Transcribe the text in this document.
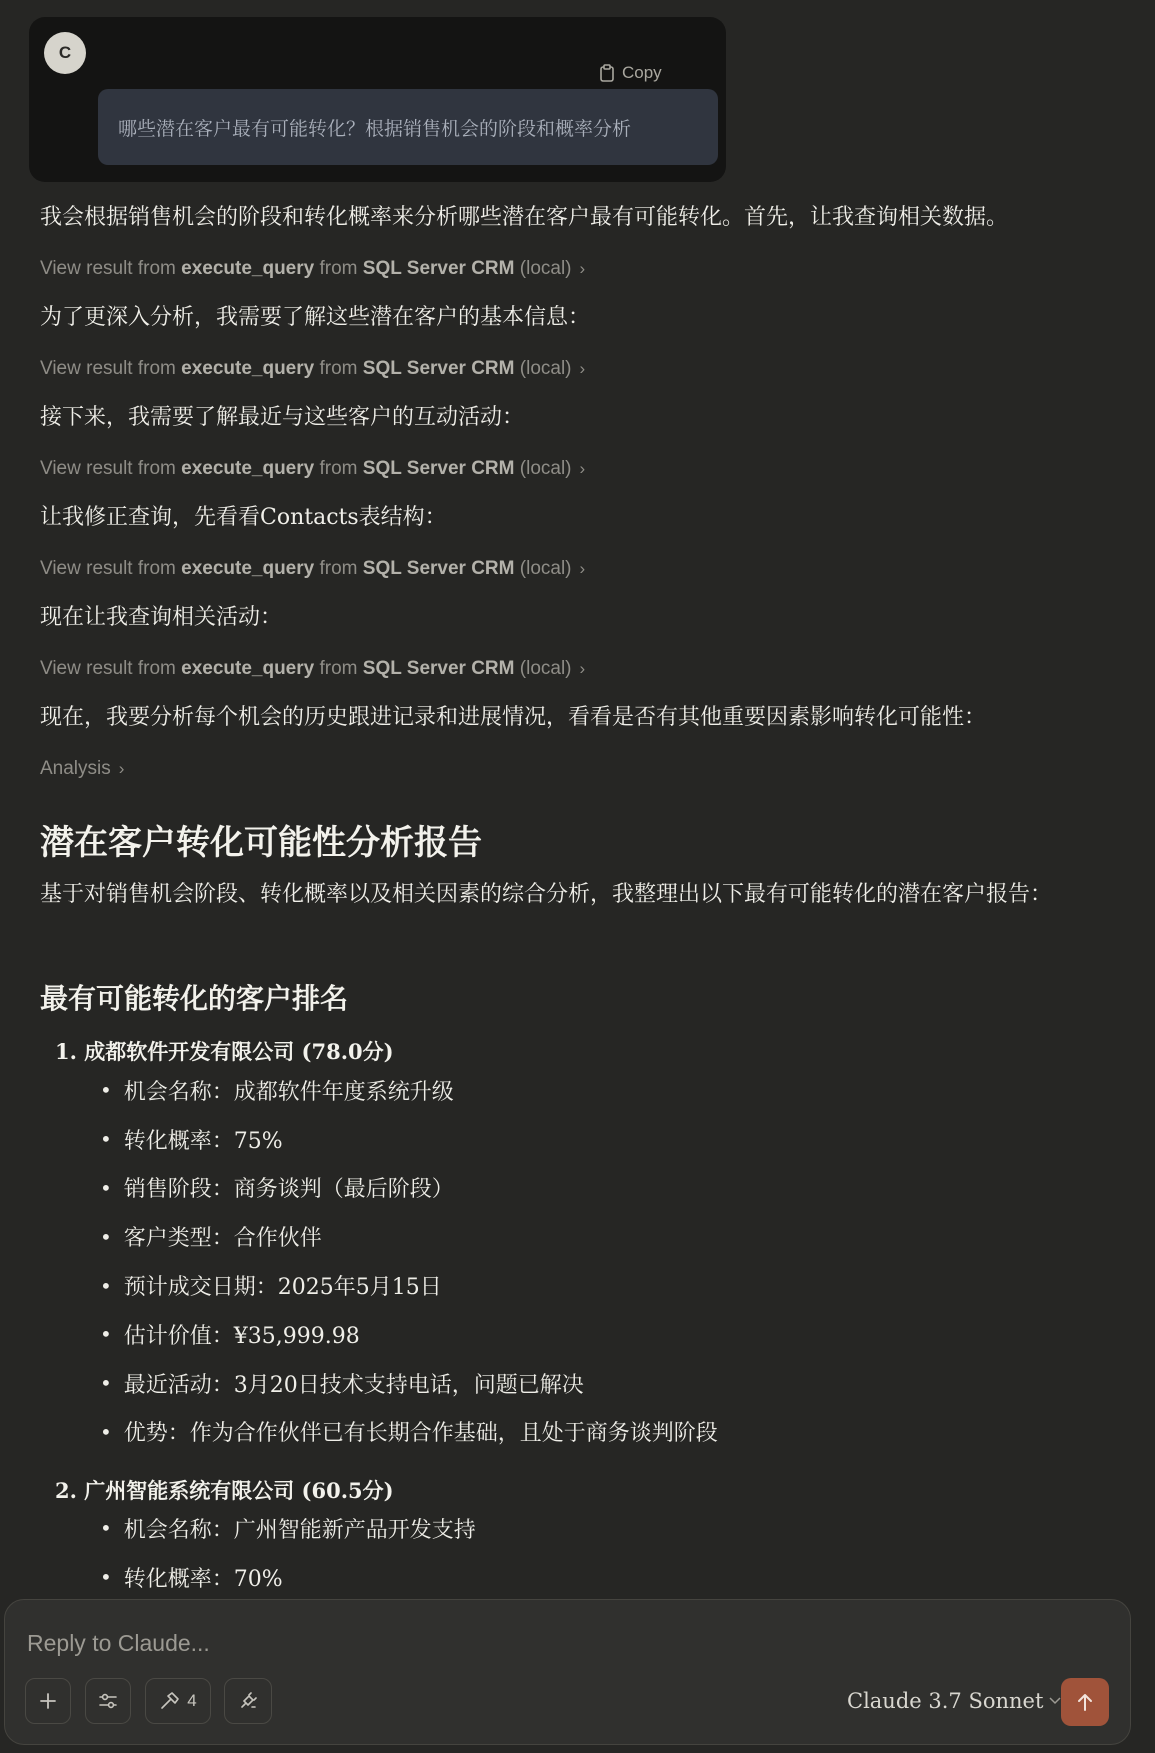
C
Copy
哪些潜在客户最有可能转化？根据销售机会的阶段和概率分析
我会根据销售机会的阶段和转化概率来分析哪些潜在客户最有可能转化。首先，让我查询相关数据。
View result from
execute_query
from
SQL Server CRM
(local) ›
为了更深入分析，我需要了解这些潜在客户的基本信息：
View result from
execute_query
from
SQL Server CRM
(local) ›
接下来，我需要了解最近与这些客户的互动活动：
View result from
execute_query
from
SQL Server CRM
(local) ›
让我修正查询，先看看Contacts表结构：
View result from
execute_query
from
SQL Server CRM
(local) ›
现在让我查询相关活动：
View result from
execute_query
from
SQL Server CRM
(local) ›
现在，我要分析每个机会的历史跟进记录和进展情况，看看是否有其他重要因素影响转化可能性：
Analysis ›
潜在客户转化可能性分析报告
基于对销售机会阶段、转化概率以及相关因素的综合分析，我整理出以下最有可能转化的潜在客户报告：
最有可能转化的客户排名
1. 成都软件开发有限公司 (78.0分)
• 机会名称：成都软件年度系统升级
• 转化概率：75%
• 销售阶段：商务谈判（最后阶段）
• 客户类型：合作伙伴
• 预计成交日期：2025年5月15日
• 估计价值：¥35,999.98
• 最近活动：3月20日技术支持电话，问题已解决
• 优势：作为合作伙伴已有长期合作基础，且处于商务谈判阶段
2. 广州智能系统有限公司 (60.5分)
• 机会名称：广州智能新产品开发支持
• 转化概率：70%
Reply to Claude...
4	Claude 3.7 Sonnet
